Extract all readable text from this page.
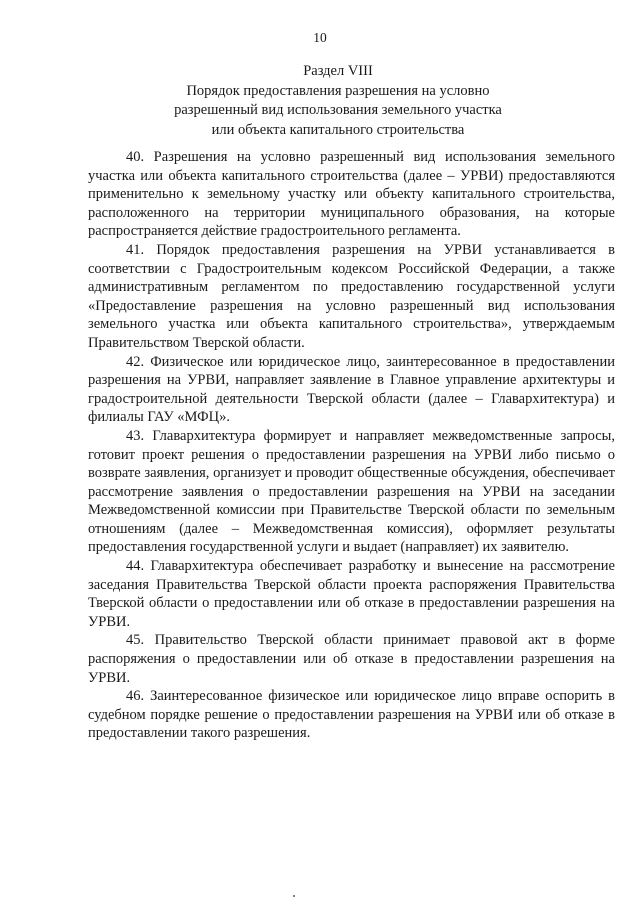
10
Раздел VIII
Порядок предоставления разрешения на условно
разрешенный вид использования земельного участка
или объекта капитального строительства

40. Разрешения на условно разрешенный вид использования земельного участка или объекта капитального строительства (далее – УРВИ) предоставляются применительно к земельному участку или объекту капитального строительства, расположенного на территории муниципального образования, на которые распространяется действие градостроительного регламента.

41. Порядок предоставления разрешения на УРВИ устанавливается в соответствии с Градостроительным кодексом Российской Федерации, а также административным регламентом по предоставлению государственной услуги «Предоставление разрешения на условно разрешенный вид использования земельного участка или объекта капитального строительства», утверждаемым Правительством Тверской области.

42. Физическое или юридическое лицо, заинтересованное в предоставлении разрешения на УРВИ, направляет заявление в Главное управление архитектуры и градостроительной деятельности Тверской области (далее – Главархитектура) и филиалы ГАУ «МФЦ».

43. Главархитектура формирует и направляет межведомственные запросы, готовит проект решения о предоставлении разрешения на УРВИ либо письмо о возврате заявления, организует и проводит общественные обсуждения, обеспечивает рассмотрение заявления о предоставлении разрешения на УРВИ на заседании Межведомственной комиссии при Правительстве Тверской области по земельным отношениям (далее – Межведомственная комиссия), оформляет результаты предоставления государственной услуги и выдает (направляет) их заявителю.

44. Главархитектура обеспечивает разработку и вынесение на рассмотрение заседания Правительства Тверской области проекта распоряжения Правительства Тверской области о предоставлении или об отказе в предоставлении разрешения на УРВИ.

45. Правительство Тверской области принимает правовой акт в форме распоряжения о предоставлении или об отказе в предоставлении разрешения на УРВИ.

46. Заинтересованное физическое или юридическое лицо вправе оспорить в судебном порядке решение о предоставлении разрешения на УРВИ или об отказе в предоставлении такого разрешения.
